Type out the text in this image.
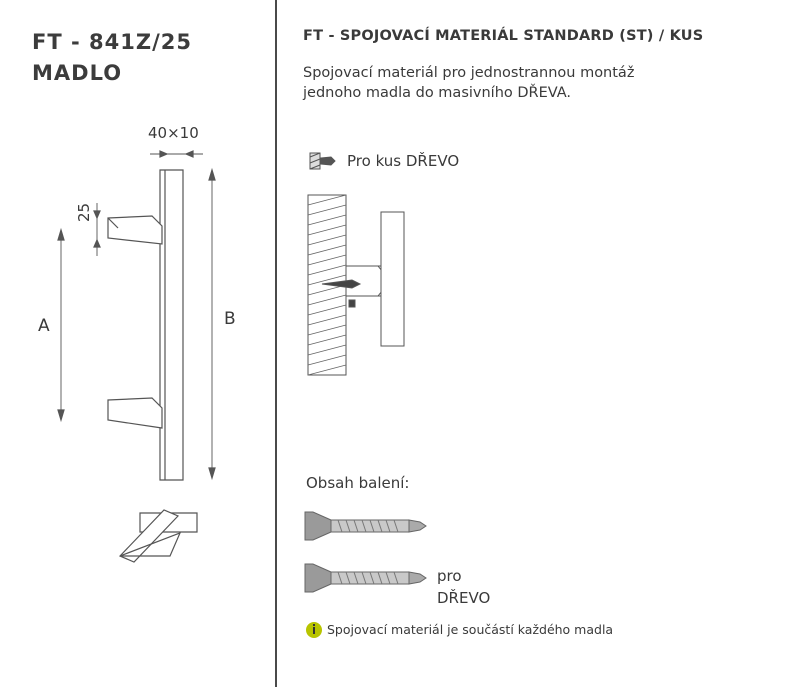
FT - 841Z/25
MADLO
40×10
25
A	B
FT - SPOJOVACÍ MATERIÁL STANDARD (ST) / KUS
Spojovací materiál pro jednostrannou montáž
jednoho madla do masivního DŘEVA.
Pro kus DŘEVO
Obsah balení:
pro
DŘEVO
Spojovací materiál je součástí každého madla
